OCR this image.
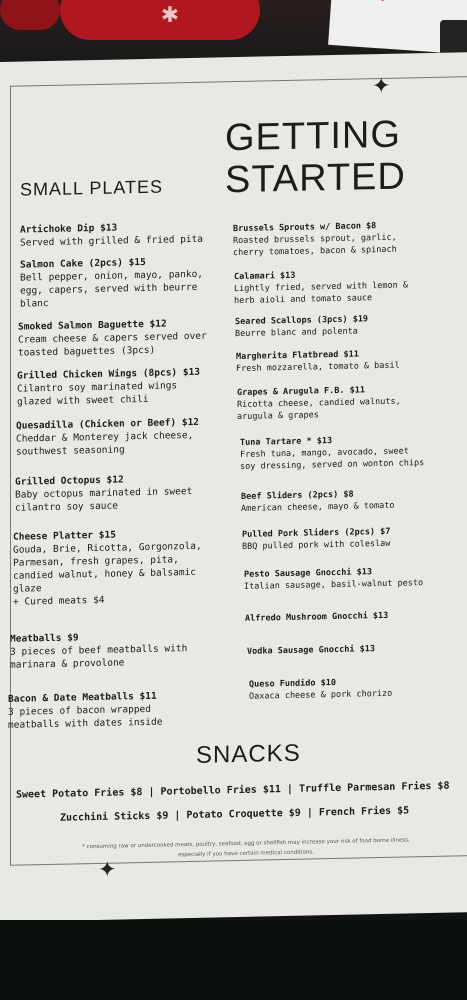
✱
✦
✦
GETTING
STARTED
SMALL PLATES
Artichoke Dip $13
Served with grilled & fried pita
Salmon Cake (2pcs) $15
Bell pepper, onion, mayo, panko,
egg, capers, served with beurre
blanc
Smoked Salmon Baguette $12
Cream cheese & capers served over
toasted baguettes (3pcs)
Grilled Chicken Wings (8pcs) $13
Cilantro soy marinated wings
glazed with sweet chili
Quesadilla (Chicken or Beef) $12
Cheddar & Monterey jack cheese,
southwest seasoning
Grilled Octopus $12
Baby octopus marinated in sweet
cilantro soy sauce
Cheese Platter $15
Gouda, Brie, Ricotta, Gorgonzola,
Parmesan, fresh grapes, pita,
candied walnut, honey & balsamic
glaze
+ Cured meats $4
Meatballs $9
3 pieces of beef meatballs with
marinara & provolone
Bacon & Date Meatballs $11
3 pieces of bacon wrapped
meatballs with dates inside
Brussels Sprouts w/ Bacon $8
Roasted brussels sprout, garlic,
cherry tomatoes, bacon & spinach
Calamari $13
Lightly fried, served with lemon &
herb aioli and tomato sauce
Seared Scallops (3pcs) $19
Beurre blanc and polenta
Margherita Flatbread $11
Fresh mozzarella, tomato & basil
Grapes & Arugula F.B. $11
Ricotta cheese, candied walnuts,
arugula & grapes
Tuna Tartare * $13
Fresh tuna, mango, avocado, sweet
soy dressing, served on wonton chips
Beef Sliders (2pcs) $8
American cheese, mayo & tomato
Pulled Pork Sliders (2pcs) $7
BBQ pulled pork with coleslaw
Pesto Sausage Gnocchi $13
Italian sausage, basil-walnut pesto
Alfredo Mushroom Gnocchi $13
Vodka Sausage Gnocchi $13
Queso Fundido $10
Oaxaca cheese & pork chorizo
SNACKS
Sweet Potato Fries $8 | Portobello Fries $11 | Truffle Parmesan Fries $8
Zucchini Sticks $9 | Potato Croquette $9 | French Fries $5
* consuming raw or undercooked meats, poultry, seafood, egg or shellfish may increase your risk of food borne illness, especially if you have certain medical conditions.
